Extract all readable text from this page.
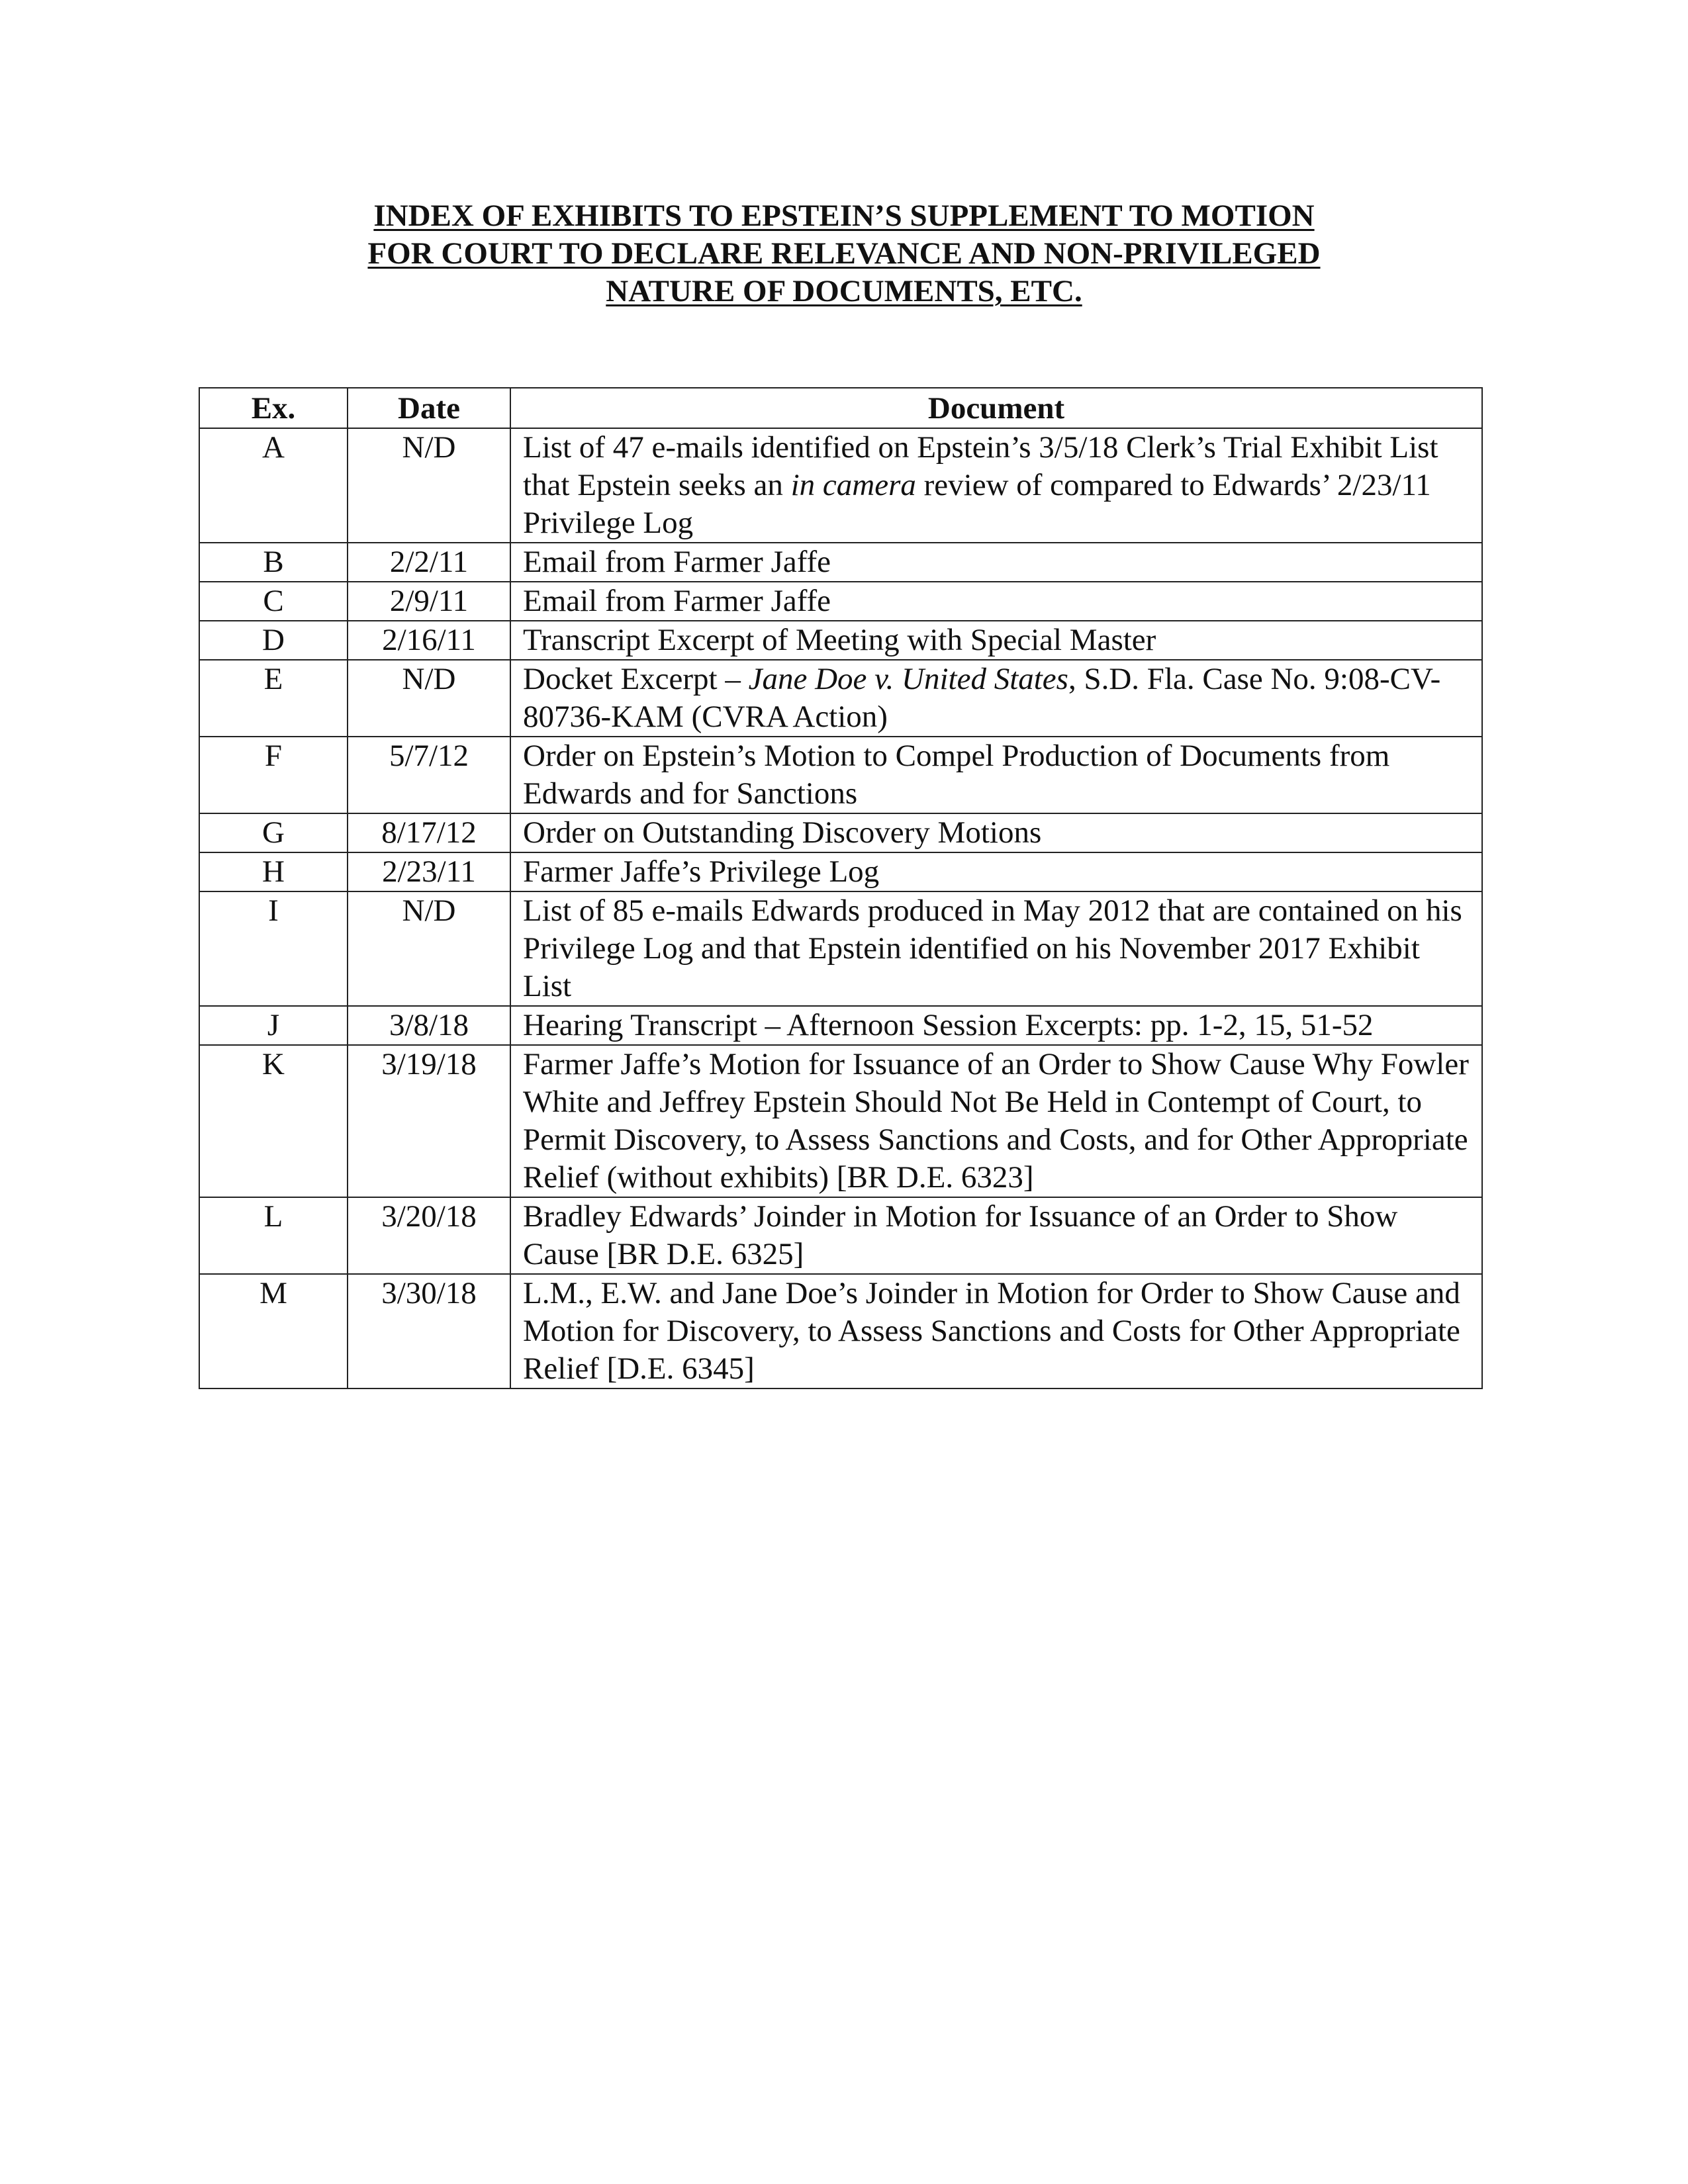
INDEX OF EXHIBITS TO EPSTEIN’S SUPPLEMENT TO MOTION
FOR COURT TO DECLARE RELEVANCE AND NON-PRIVILEGED
NATURE OF DOCUMENTS, ETC.
Ex.	Date	Document
A	N/D	List of 47 e-mails identified on Epstein’s 3/5/18 Clerk’s Trial Exhibit List that Epstein seeks an in camera review of compared to Edwards’ 2/23/11 Privilege Log
B	2/2/11	Email from Farmer Jaffe
C	2/9/11	Email from Farmer Jaffe
D	2/16/11	Transcript Excerpt of Meeting with Special Master
E	N/D	Docket Excerpt – Jane Doe v. United States, S.D. Fla. Case No. 9:08-CV-80736-KAM (CVRA Action)
F	5/7/12	Order on Epstein’s Motion to Compel Production of Documents from Edwards and for Sanctions
G	8/17/12	Order on Outstanding Discovery Motions
H	2/23/11	Farmer Jaffe’s Privilege Log
I	N/D	List of 85 e-mails Edwards produced in May 2012 that are contained on his Privilege Log and that Epstein identified on his November 2017 Exhibit List
J	3/8/18	Hearing Transcript – Afternoon Session Excerpts: pp. 1-2, 15, 51-52
K	3/19/18	Farmer Jaffe’s Motion for Issuance of an Order to Show Cause Why Fowler White and Jeffrey Epstein Should Not Be Held in Contempt of Court, to Permit Discovery, to Assess Sanctions and Costs, and for Other Appropriate Relief (without exhibits) [BR D.E. 6323]
L	3/20/18	Bradley Edwards’ Joinder in Motion for Issuance of an Order to Show Cause [BR D.E. 6325]
M	3/30/18	L.M., E.W. and Jane Doe’s Joinder in Motion for Order to Show Cause and Motion for Discovery, to Assess Sanctions and Costs for Other Appropriate Relief [D.E. 6345]
